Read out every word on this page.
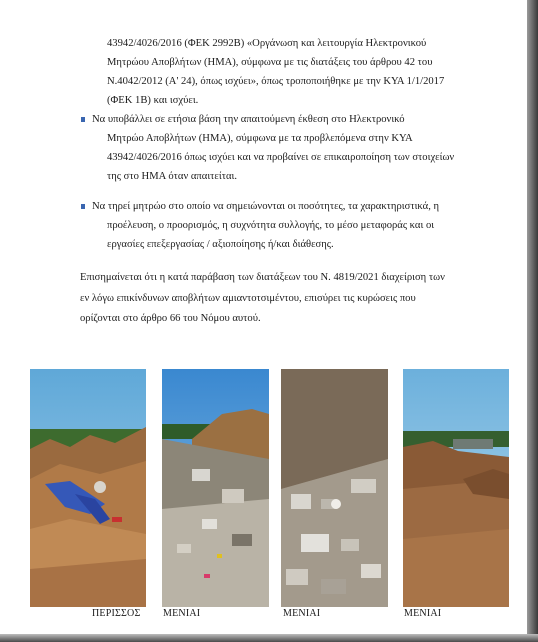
43942/4026/2016 (ΦΕΚ 2992Β) «Οργάνωση και λειτουργία Ηλεκτρονικού
Μητρώου Αποβλήτων (ΗΜΑ), σύμφωνα με τις διατάξεις του άρθρου 42 του
Ν.4042/2012 (Α' 24), όπως ισχύει», όπως τροποποιήθηκε με την ΚΥΑ 1/1/2017
(ΦΕΚ 1Β) και ισχύει.
Να υποβάλλει σε ετήσια βάση την απαιτούμενη έκθεση στο Ηλεκτρονικό
Μητρώο Αποβλήτων (ΗΜΑ), σύμφωνα με τα προβλεπόμενα στην ΚΥΑ
43942/4026/2016 όπως ισχύει και να προβαίνει σε επικαιροποίηση των στοιχείων
της στο ΗΜΑ όταν απαιτείται.
Να τηρεί μητρώο στο οποίο να σημειώνονται οι ποσότητες, τα χαρακτηριστικά, η
προέλευση, ο προορισμός, η συχνότητα συλλογής, το μέσο μεταφοράς και οι
εργασίες επεξεργασίας / αξιοποίησης ή/και διάθεσης.
Επισημαίνεται ότι η κατά παράβαση των διατάξεων του Ν. 4819/2021 διαχείριση των
εν λόγω επικίνδυνων αποβλήτων αμιαντοτσιμέντου, επισύρει τις κυρώσεις που
ορίζονται στο άρθρο 66 του Νόμου αυτού.
ΠΕΡΙΣΣΟΣ ΜΕΝΙΑΙ	ΜΕΝΙΑΙ	ΜΕΝΙΑΙ
